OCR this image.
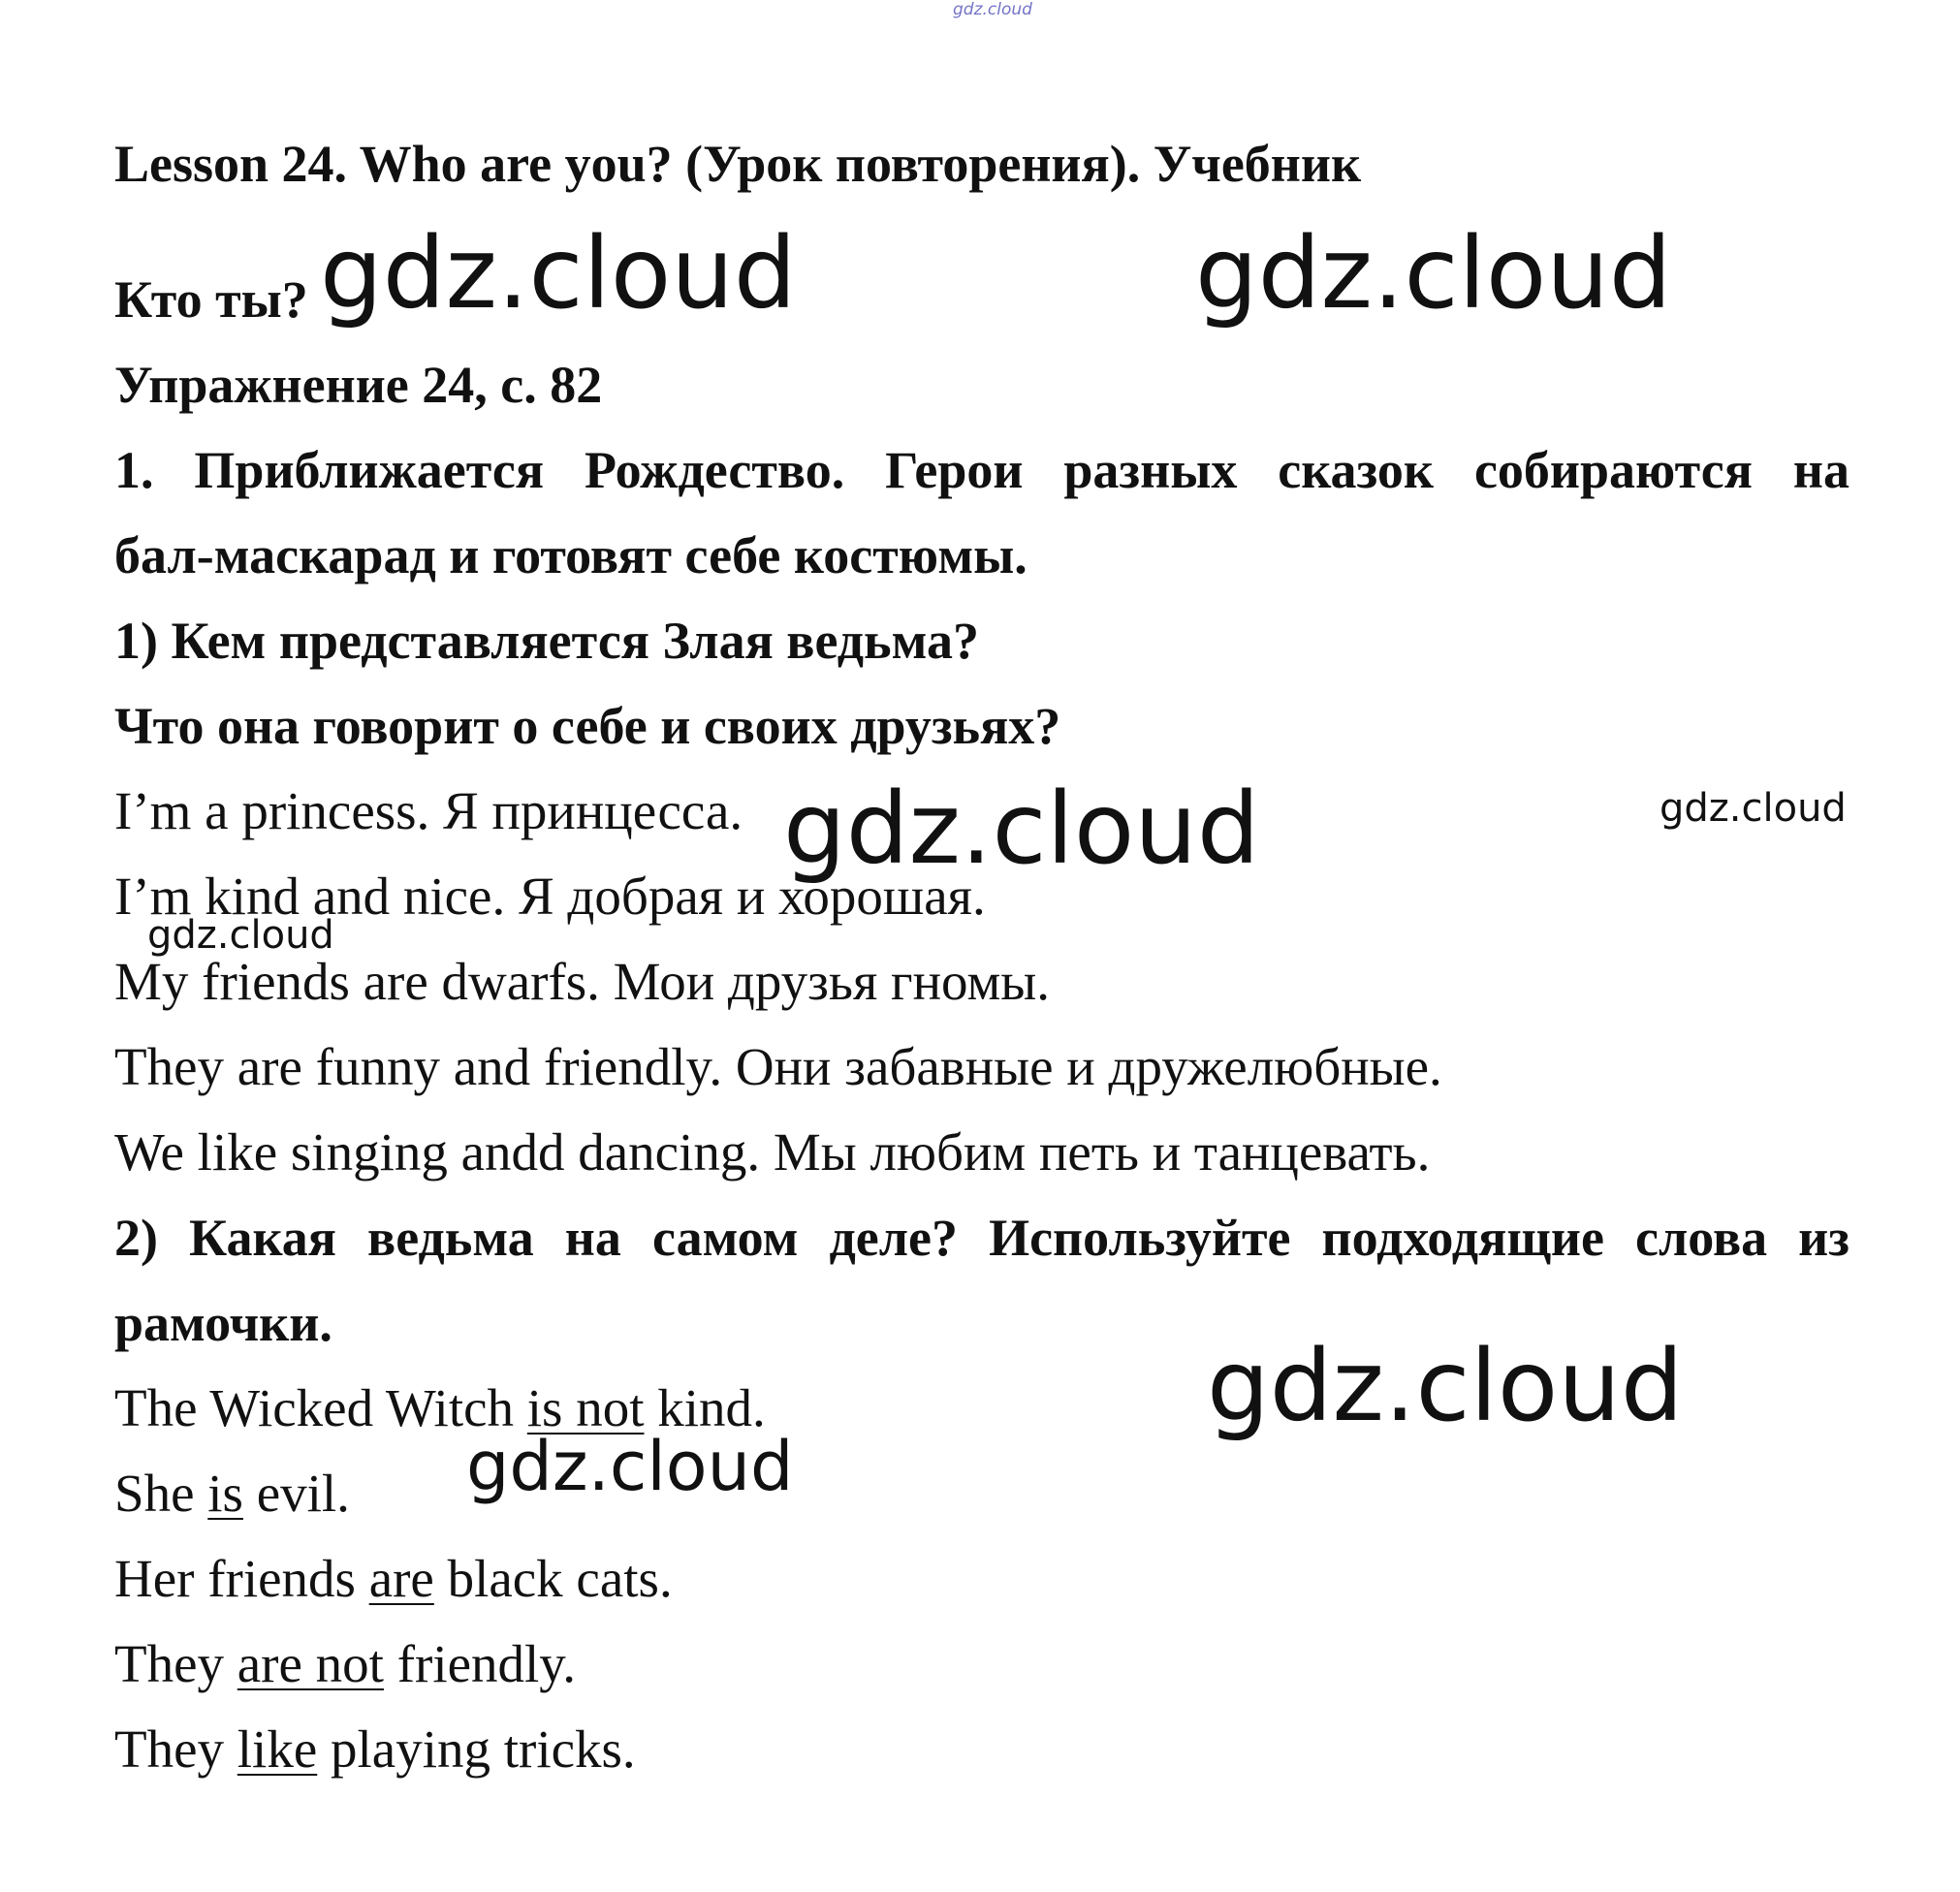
gdz.cloud
gdz.cloud
gdz.cloud	gdz.cloud
gdz.cloud
gdz.cloud
gdz.cloud
Lesson 24. Who are you? (Урок повторения). Учебник
Кто ты? gdz.cloud
Упражнение 24, с. 82
1. Приближается Рождество. Герои разных сказок собираются на
бал-маскарад и готовят себе костюмы.
1) Кем представляется Злая ведьма?
Что она говорит о себе и своих друзьях?
I’m a princess. Я принцесса.
I’m kind and nice. Я добрая и хорошая.
My friends are dwarfs. Мои друзья гномы.
They are funny and friendly. Они забавные и дружелюбные.
We like singing andd dancing. Мы любим петь и танцевать.
2) Какая ведьма на самом деле? Используйте подходящие слова из
рамочки.
The Wicked Witch is not kind.
She is evil.
Her friends are black cats.
They are not friendly.
They like playing tricks.
